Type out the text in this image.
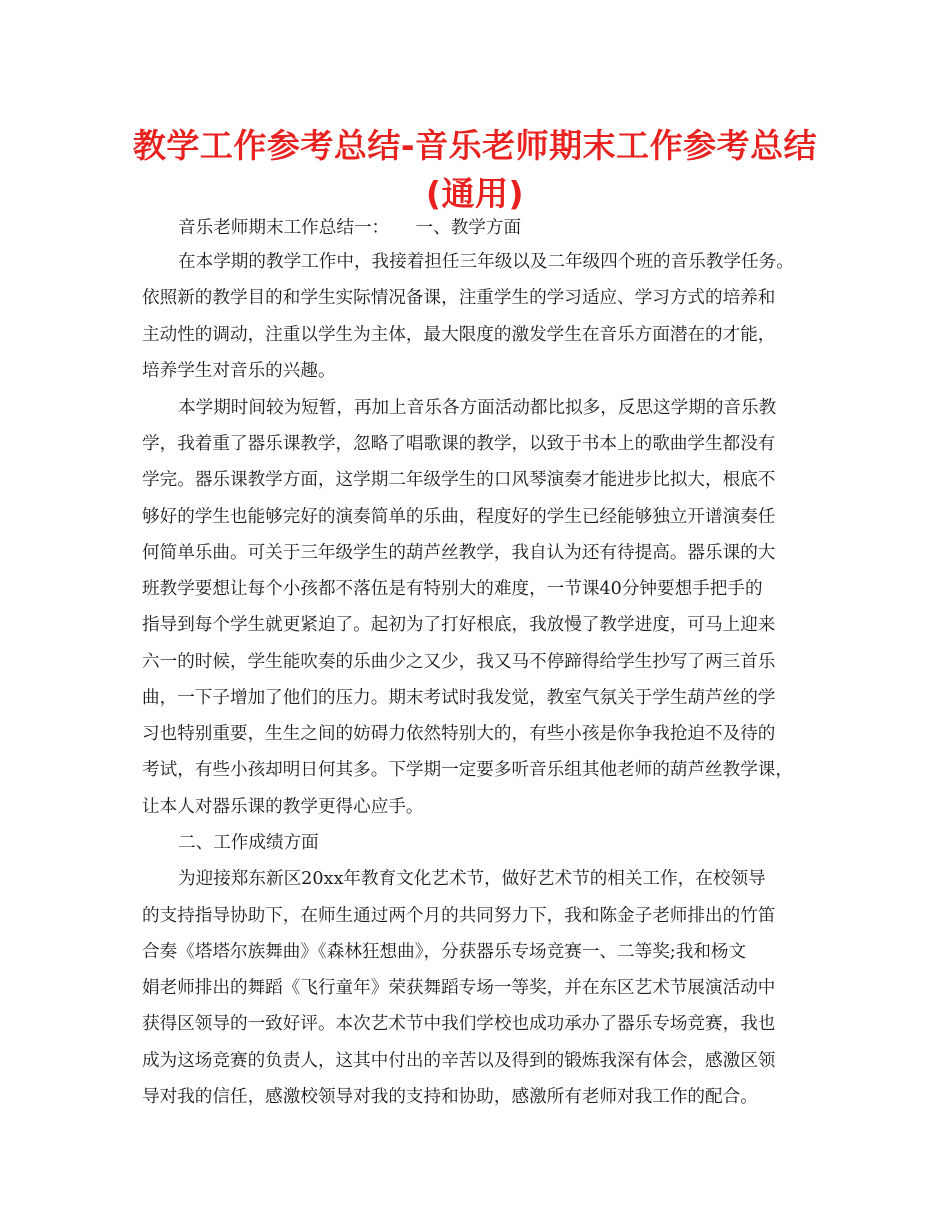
教学工作参考总结-音乐老师期末工作参考总结
(通用)

音乐老师期末工作总结一：　　一、教学方面

在本学期的教学工作中，我接着担任三年级以及二年级四个班的音乐教学任务。

依照新的教学目的和学生实际情况备课，注重学生的学习适应、学习方式的培养和

主动性的调动，注重以学生为主体，最大限度的激发学生在音乐方面潜在的才能，

培养学生对音乐的兴趣。

本学期时间较为短暂，再加上音乐各方面活动都比拟多，反思这学期的音乐教

学，我着重了器乐课教学，忽略了唱歌课的教学，以致于书本上的歌曲学生都没有

学完。器乐课教学方面，这学期二年级学生的口风琴演奏才能进步比拟大，根底不

够好的学生也能够完好的演奏简单的乐曲，程度好的学生已经能够独立开谱演奏任

何简单乐曲。可关于三年级学生的葫芦丝教学，我自认为还有待提高。器乐课的大

班教学要想让每个小孩都不落伍是有特别大的难度，一节课40分钟要想手把手的

指导到每个学生就更紧迫了。起初为了打好根底，我放慢了教学进度，可马上迎来

六一的时候，学生能吹奏的乐曲少之又少，我又马不停蹄得给学生抄写了两三首乐

曲，一下子增加了他们的压力。期末考试时我发觉，教室气氛关于学生葫芦丝的学

习也特别重要，生生之间的妨碍力依然特别大的，有些小孩是你争我抢迫不及待的

考试，有些小孩却明日何其多。下学期一定要多听音乐组其他老师的葫芦丝教学课，

让本人对器乐课的教学更得心应手。

二、工作成绩方面

为迎接郑东新区20xx年教育文化艺术节，做好艺术节的相关工作，在校领导

的支持指导协助下，在师生通过两个月的共同努力下，我和陈金子老师排出的竹笛

合奏《塔塔尔族舞曲》《森林狂想曲》，分获器乐专场竞赛一、二等奖;我和杨文

娟老师排出的舞蹈《飞行童年》荣获舞蹈专场一等奖，并在东区艺术节展演活动中

获得区领导的一致好评。本次艺术节中我们学校也成功承办了器乐专场竞赛，我也

成为这场竞赛的负责人，这其中付出的辛苦以及得到的锻炼我深有体会，感激区领

导对我的信任，感激校领导对我的支持和协助，感激所有老师对我工作的配合。
